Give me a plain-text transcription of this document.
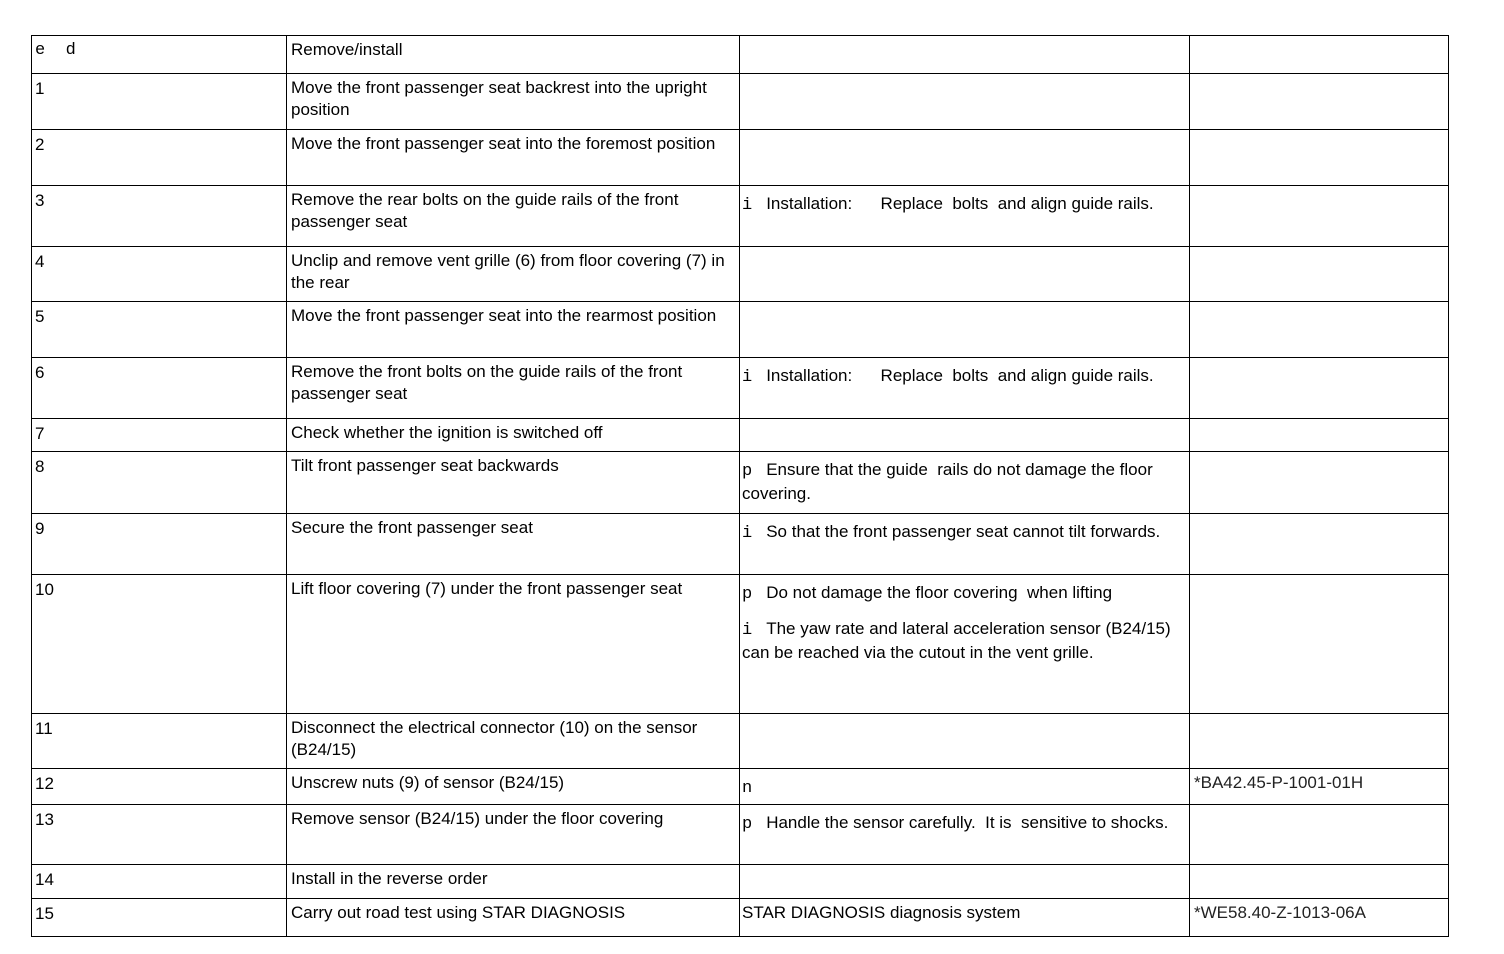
e  d	Remove/install		

1	Move the front passenger seat backrest into the upright position		

2	Move the front passenger seat into the foremost position		

3	Remove the rear bolts on the guide rails of the front passenger seat	i Installation:      Replace  bolts  and align guide rails.	

4	Unclip and remove vent grille (6) from floor covering (7) in the rear		

5	Move the front passenger seat into the rearmost position		

6	Remove the front bolts on the guide rails of the front passenger seat	i Installation:      Replace  bolts  and align guide rails.	

7	Check whether the ignition is switched off		

8	Tilt front passenger seat backwards	p Ensure that the guide  rails do not damage the floor covering.	

9	Secure the front passenger seat	i So that the front passenger seat cannot tilt forwards.	

10	Lift floor covering (7) under the front passenger seat	p Do not damage the floor covering  when lifting
i The yaw rate and lateral acceleration sensor (B24/15) can be reached via the cutout in the vent grille.	

11	Disconnect the electrical connector (10) on the sensor (B24/15)		

12	Unscrew nuts (9) of sensor (B24/15)	n	*BA42.45-P-1001-01H

13	Remove sensor (B24/15) under the floor covering	p Handle the sensor carefully.  It is  sensitive to shocks.	

14	Install in the reverse order		

15	Carry out road test using STAR DIAGNOSIS	STAR DIAGNOSIS diagnosis system	*WE58.40-Z-1013-06A
